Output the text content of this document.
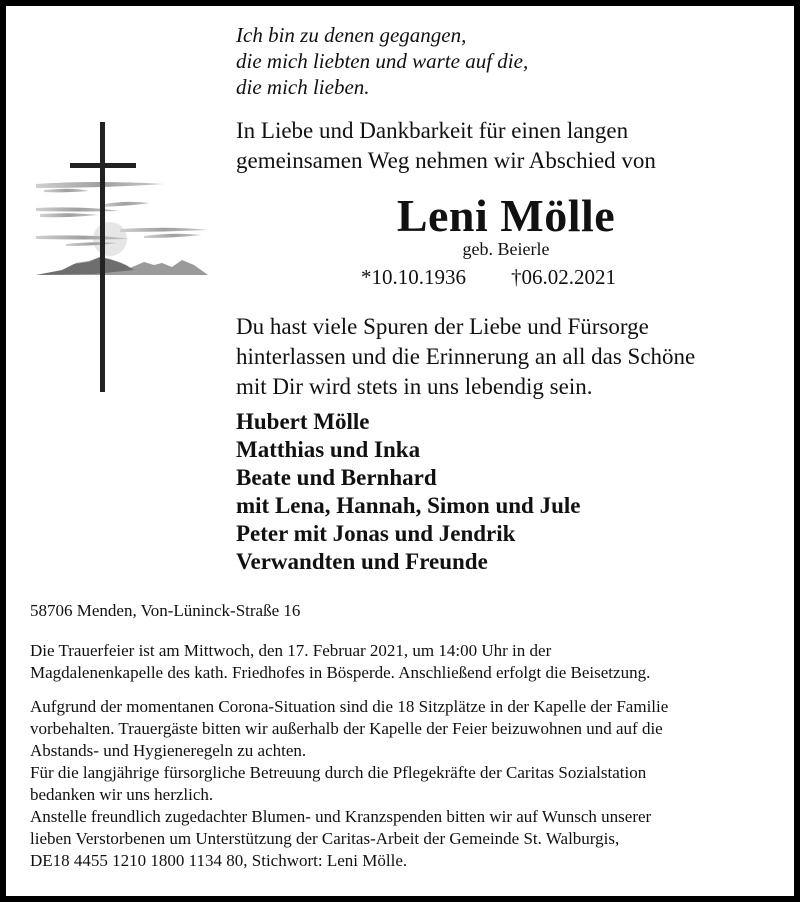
Ich bin zu denen gegangen,
die mich liebten und warte auf die,
die mich lieben.
In Liebe und Dankbarkeit für einen langen
gemeinsamen Weg nehmen wir Abschied von
Leni Mölle
geb. Beierle
*10.10.1936 †06.02.2021
Du hast viele Spuren der Liebe und Fürsorge
hinterlassen und die Erinnerung an all das Schöne
mit Dir wird stets in uns lebendig sein.
Hubert Mölle
Matthias und Inka
Beate und Bernhard
mit Lena, Hannah, Simon und Jule
Peter mit Jonas und Jendrik
Verwandten und Freunde
58706 Menden, Von-Lüninck-Straße 16
Die Trauerfeier ist am Mittwoch, den 17. Februar 2021, um 14:00 Uhr in der
Magdalenenkapelle des kath. Friedhofes in Bösperde. Anschließend erfolgt die Beisetzung.
Aufgrund der momentanen Corona-Situation sind die 18 Sitzplätze in der Kapelle der Familie
vorbehalten. Trauergäste bitten wir außerhalb der Kapelle der Feier beizuwohnen und auf die
Abstands- und Hygieneregeln zu achten.
Für die langjährige fürsorgliche Betreuung durch die Pflegekräfte der Caritas Sozialstation
bedanken wir uns herzlich.
Anstelle freundlich zugedachter Blumen- und Kranzspenden bitten wir auf Wunsch unserer
lieben Verstorbenen um Unterstützung der Caritas-Arbeit der Gemeinde St. Walburgis,
DE18 4455 1210 1800 1134 80, Stichwort: Leni Mölle.
